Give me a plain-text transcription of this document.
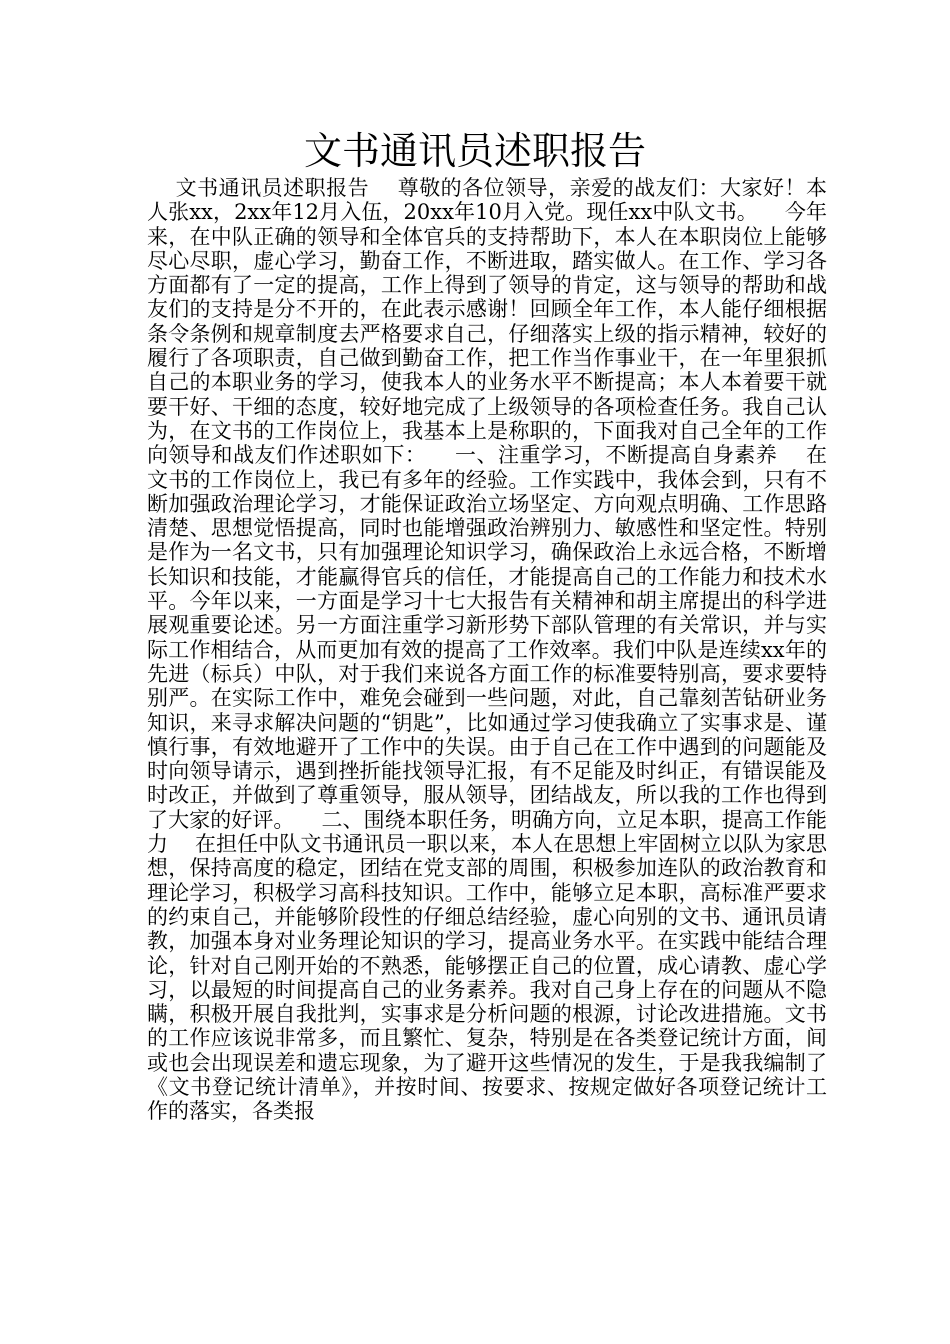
文书通讯员述职报告

文书通讯员述职报告    尊敬的各位领导，亲爱的战友们：大家好！本人张xx，2xx年12月入伍，20xx年10月入党。现任xx中队文书。    今年来，在中队正确的领导和全体官兵的支持帮助下，本人在本职岗位上能够尽心尽职，虚心学习，勤奋工作，不断进取，踏实做人。在工作、学习各方面都有了一定的提高，工作上得到了领导的肯定，这与领导的帮助和战友们的支持是分不开的，在此表示感谢！回顾全年工作，本人能仔细根据条令条例和规章制度去严格要求自己，仔细落实上级的指示精神，较好的履行了各项职责，自己做到勤奋工作，把工作当作事业干，在一年里狠抓自己的本职业务的学习，使我本人的业务水平不断提高；本人本着要干就要干好、干细的态度，较好地完成了上级领导的各项检查任务。我自己认为，在文书的工作岗位上，我基本上是称职的，下面我对自己全年的工作向领导和战友们作述职如下：    一、注重学习，不断提高自身素养    在文书的工作岗位上，我已有多年的经验。工作实践中，我体会到，只有不断加强政治理论学习，才能保证政治立场坚定、方向观点明确、工作思路清楚、思想觉悟提高，同时也能增强政治辨别力、敏感性和坚定性。特别是作为一名文书，只有加强理论知识学习，确保政治上永远合格，不断增长知识和技能，才能赢得官兵的信任，才能提高自己的工作能力和技术水平。今年以来，一方面是学习十七大报告有关精神和胡主席提出的科学进展观重要论述。另一方面注重学习新形势下部队管理的有关常识，并与实际工作相结合，从而更加有效的提高了工作效率。我们中队是连续xx年的先进（标兵）中队，对于我们来说各方面工作的标准要特别高，要求要特别严。在实际工作中，难免会碰到一些问题，对此，自己靠刻苦钻研业务知识，来寻求解决问题的“钥匙”，比如通过学习使我确立了实事求是、谨慎行事，有效地避开了工作中的失误。由于自己在工作中遇到的问题能及时向领导请示，遇到挫折能找领导汇报，有不足能及时纠正，有错误能及时改正，并做到了尊重领导，服从领导，团结战友，所以我的工作也得到了大家的好评。    二、围绕本职任务，明确方向，立足本职，提高工作能力    在担任中队文书通讯员一职以来，本人在思想上牢固树立以队为家思想，保持高度的稳定，团结在党支部的周围，积极参加连队的政治教育和理论学习，积极学习高科技知识。工作中，能够立足本职，高标准严要求的约束自己，并能够阶段性的仔细总结经验，虚心向别的文书、通讯员请教，加强本身对业务理论知识的学习，提高业务水平。在实践中能结合理论，针对自己刚开始的不熟悉，能够摆正自己的位置，成心请教、虚心学习，以最短的时间提高自己的业务素养。我对自己身上存在的问题从不隐瞒，积极开展自我批判，实事求是分析问题的根源，讨论改进措施。文书的工作应该说非常多，而且繁忙、复杂，特别是在各类登记统计方面，间或也会出现误差和遗忘现象，为了避开这些情况的发生，于是我我编制了《文书登记统计清单》，并按时间、按要求、按规定做好各项登记统计工作的落实，各类报
